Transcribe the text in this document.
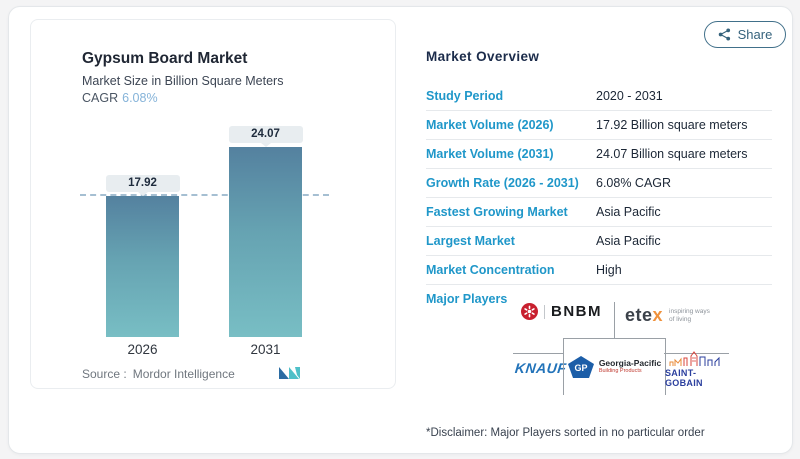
Gypsum Board Market
Market Size in Billion Square Meters
CAGR 6.08%
17.92
24.07
2026	2031
Source : Mordor Intelligence
Share
Market Overview
Study Period	2020 - 2031
Market Volume (2026)	17.92 Billion square meters
Market Volume (2031)	24.07 Billion square meters
Growth Rate (2026 - 2031)	6.08% CAGR
Fastest Growing Market	Asia Pacific
Largest Market	Asia Pacific
Market Concentration	High
Major Players
BNBM etex inspiring ways
of living
KNAUF GP Georgia-Pacific
Building Products	SAINT-GOBAIN
*Disclaimer: Major Players sorted in no particular order
